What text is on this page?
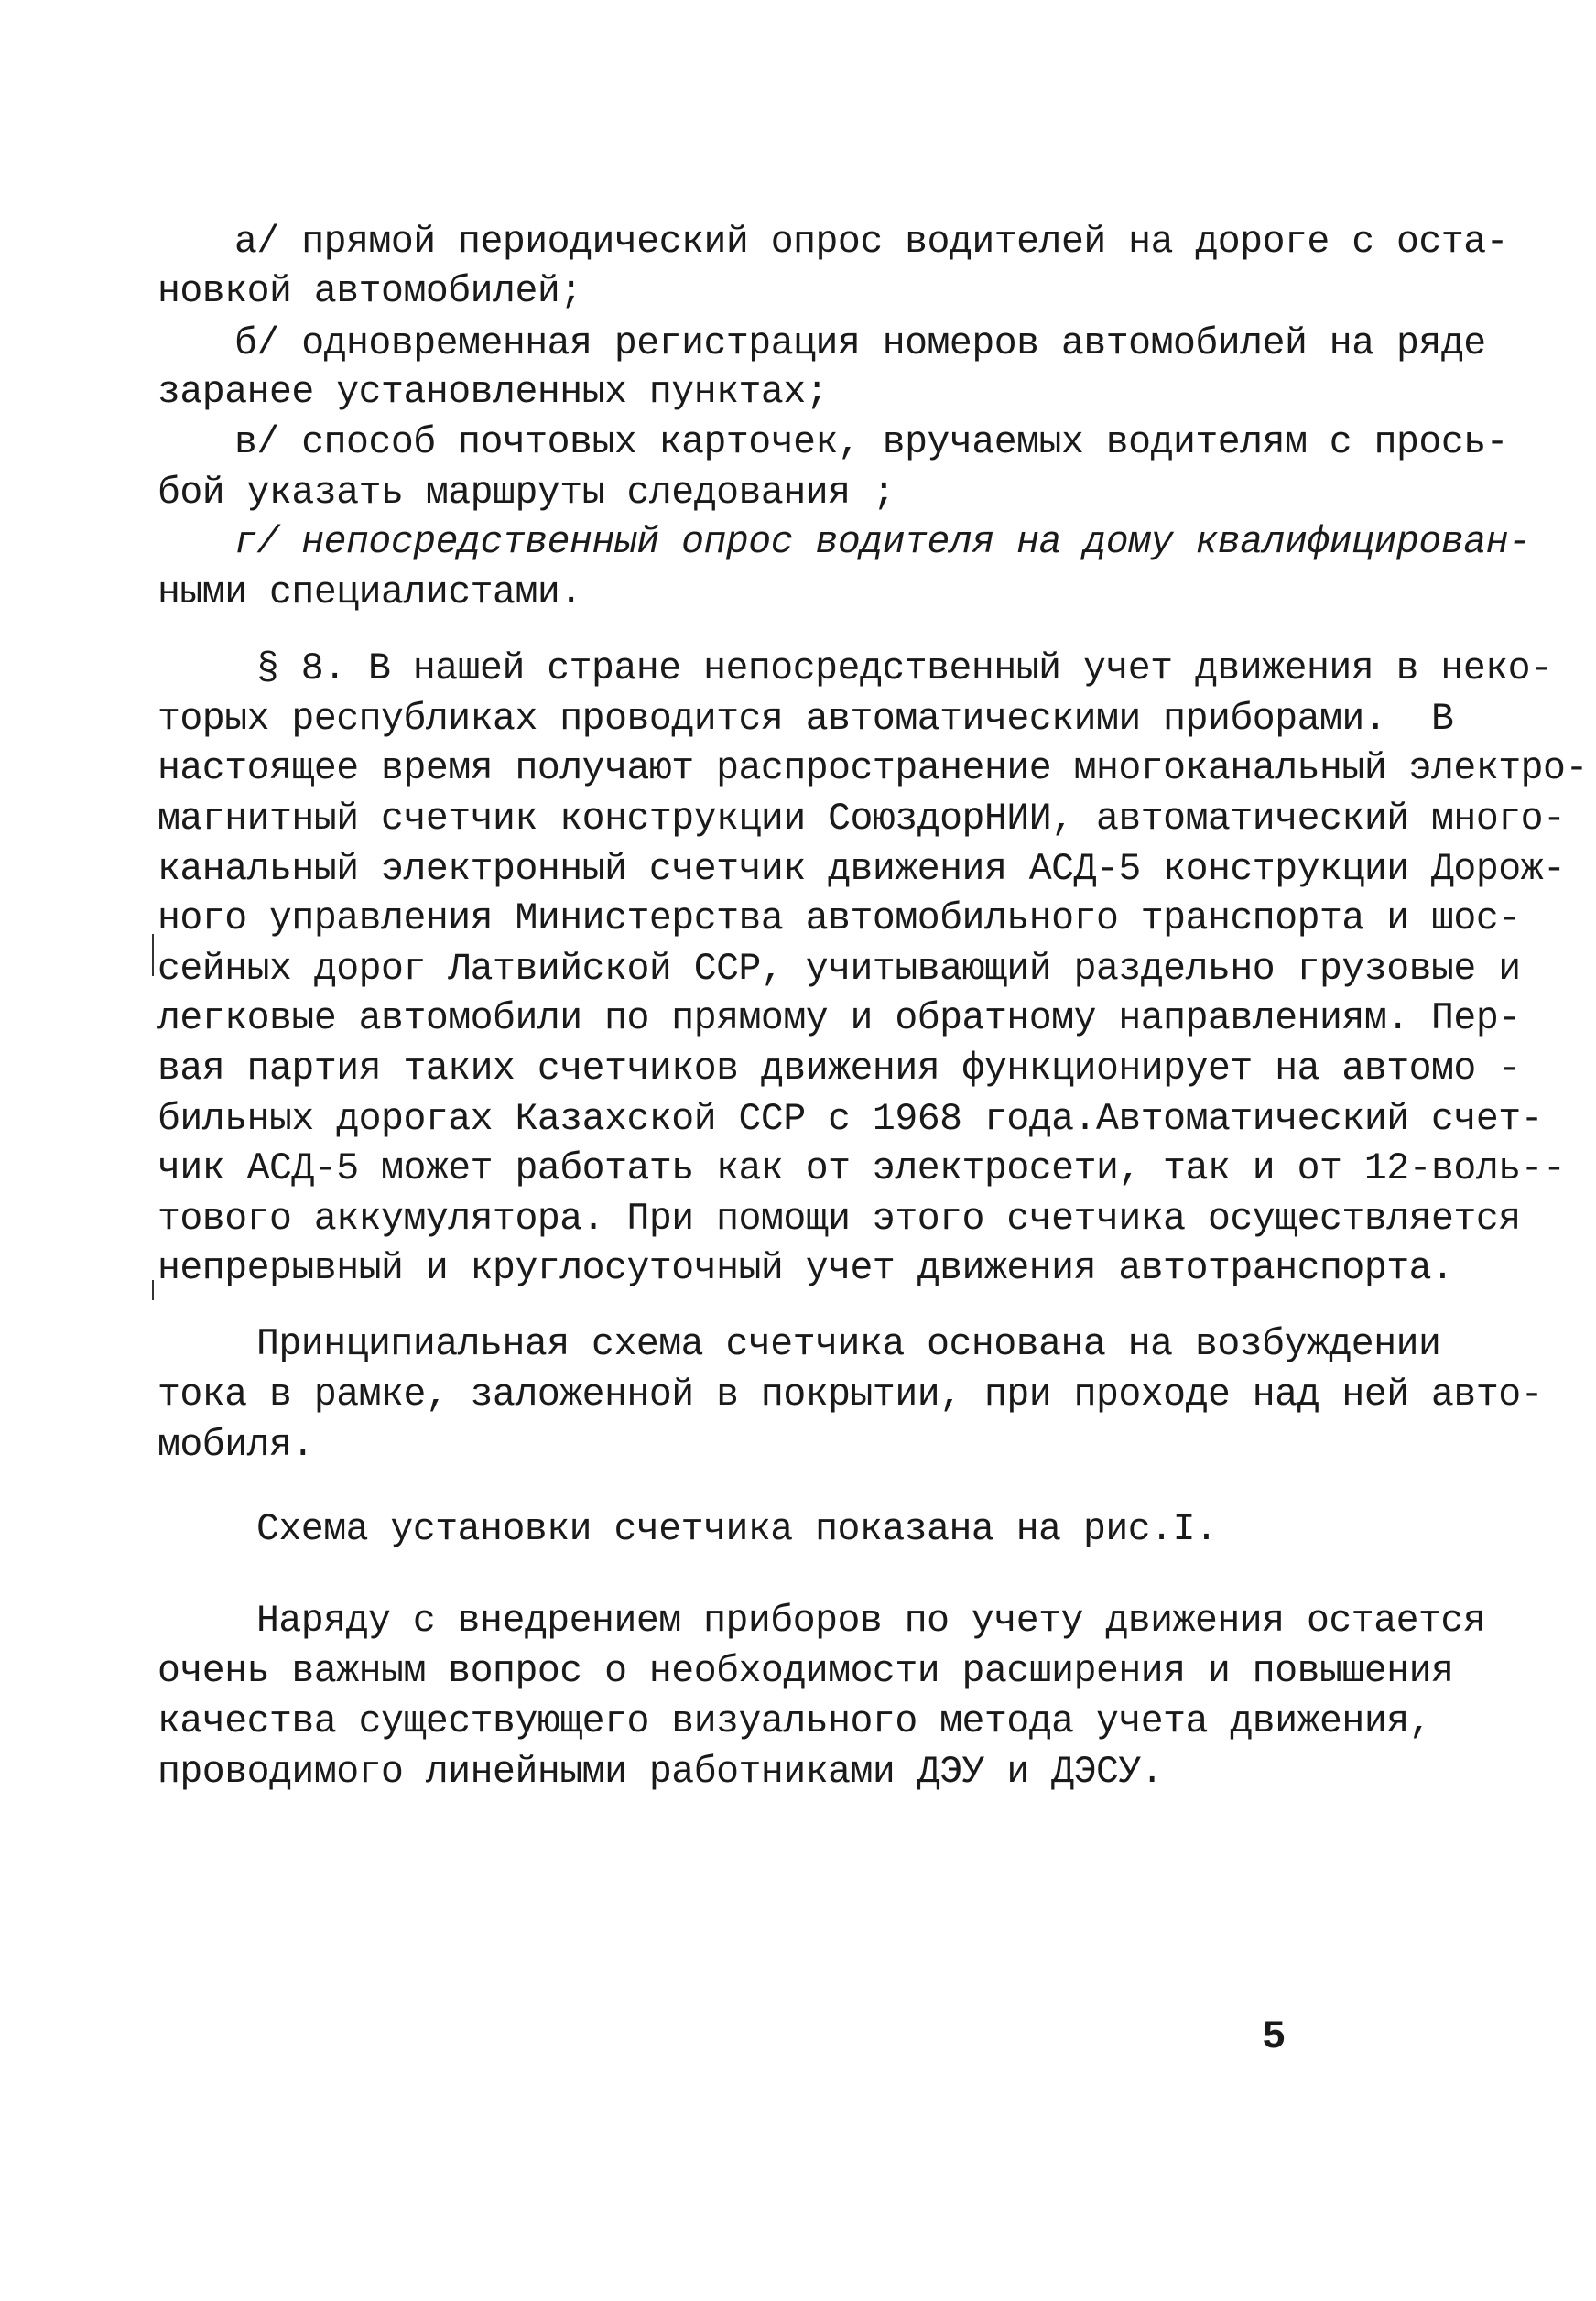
5
а/ прямой периодический опрос водителей на дороге с оста-
новкой автомобилей;
б/ одновременная регистрация номеров автомобилей на ряде
заранее установленных пунктах;
в/ способ почтовых карточек, вручаемых водителям с прось-
бой указать маршруты следования ;
г/ непосредственный опрос водителя на дому квалифицирован-
ными специалистами.
§ 8. В нашей стране непосредственный учет движения в неко-
торых республиках проводится автоматическими приборами.  В
настоящее время получают распространение многоканальный электро-
магнитный счетчик конструкции СоюздорНИИ, автоматический много-
канальный электронный счетчик движения АСД-5 конструкции Дорож-
ного управления Министерства автомобильного транспорта и шос-
сейных дорог Латвийской ССР, учитывающий раздельно грузовые и
легковые автомобили по прямому и обратному направлениям. Пер-
вая партия таких счетчиков движения функционирует на автомо -
бильных дорогах Казахской ССР с 1968 года.Автоматический счет-
чик АСД-5 может работать как от электросети, так и от 12-воль--
тового аккумулятора. При помощи этого счетчика осуществляется
непрерывный и круглосуточный учет движения автотранспорта.
Принципиальная схема счетчика основана на возбуждении
тока в рамке, заложенной в покрытии, при проходе над ней авто-
мобиля.
Схема установки счетчика показана на рис.I.
Наряду с внедрением приборов по учету движения остается
очень важным вопрос о необходимости расширения и повышения
качества существующего визуального метода учета движения,
проводимого линейными работниками ДЭУ и ДЭСУ.
